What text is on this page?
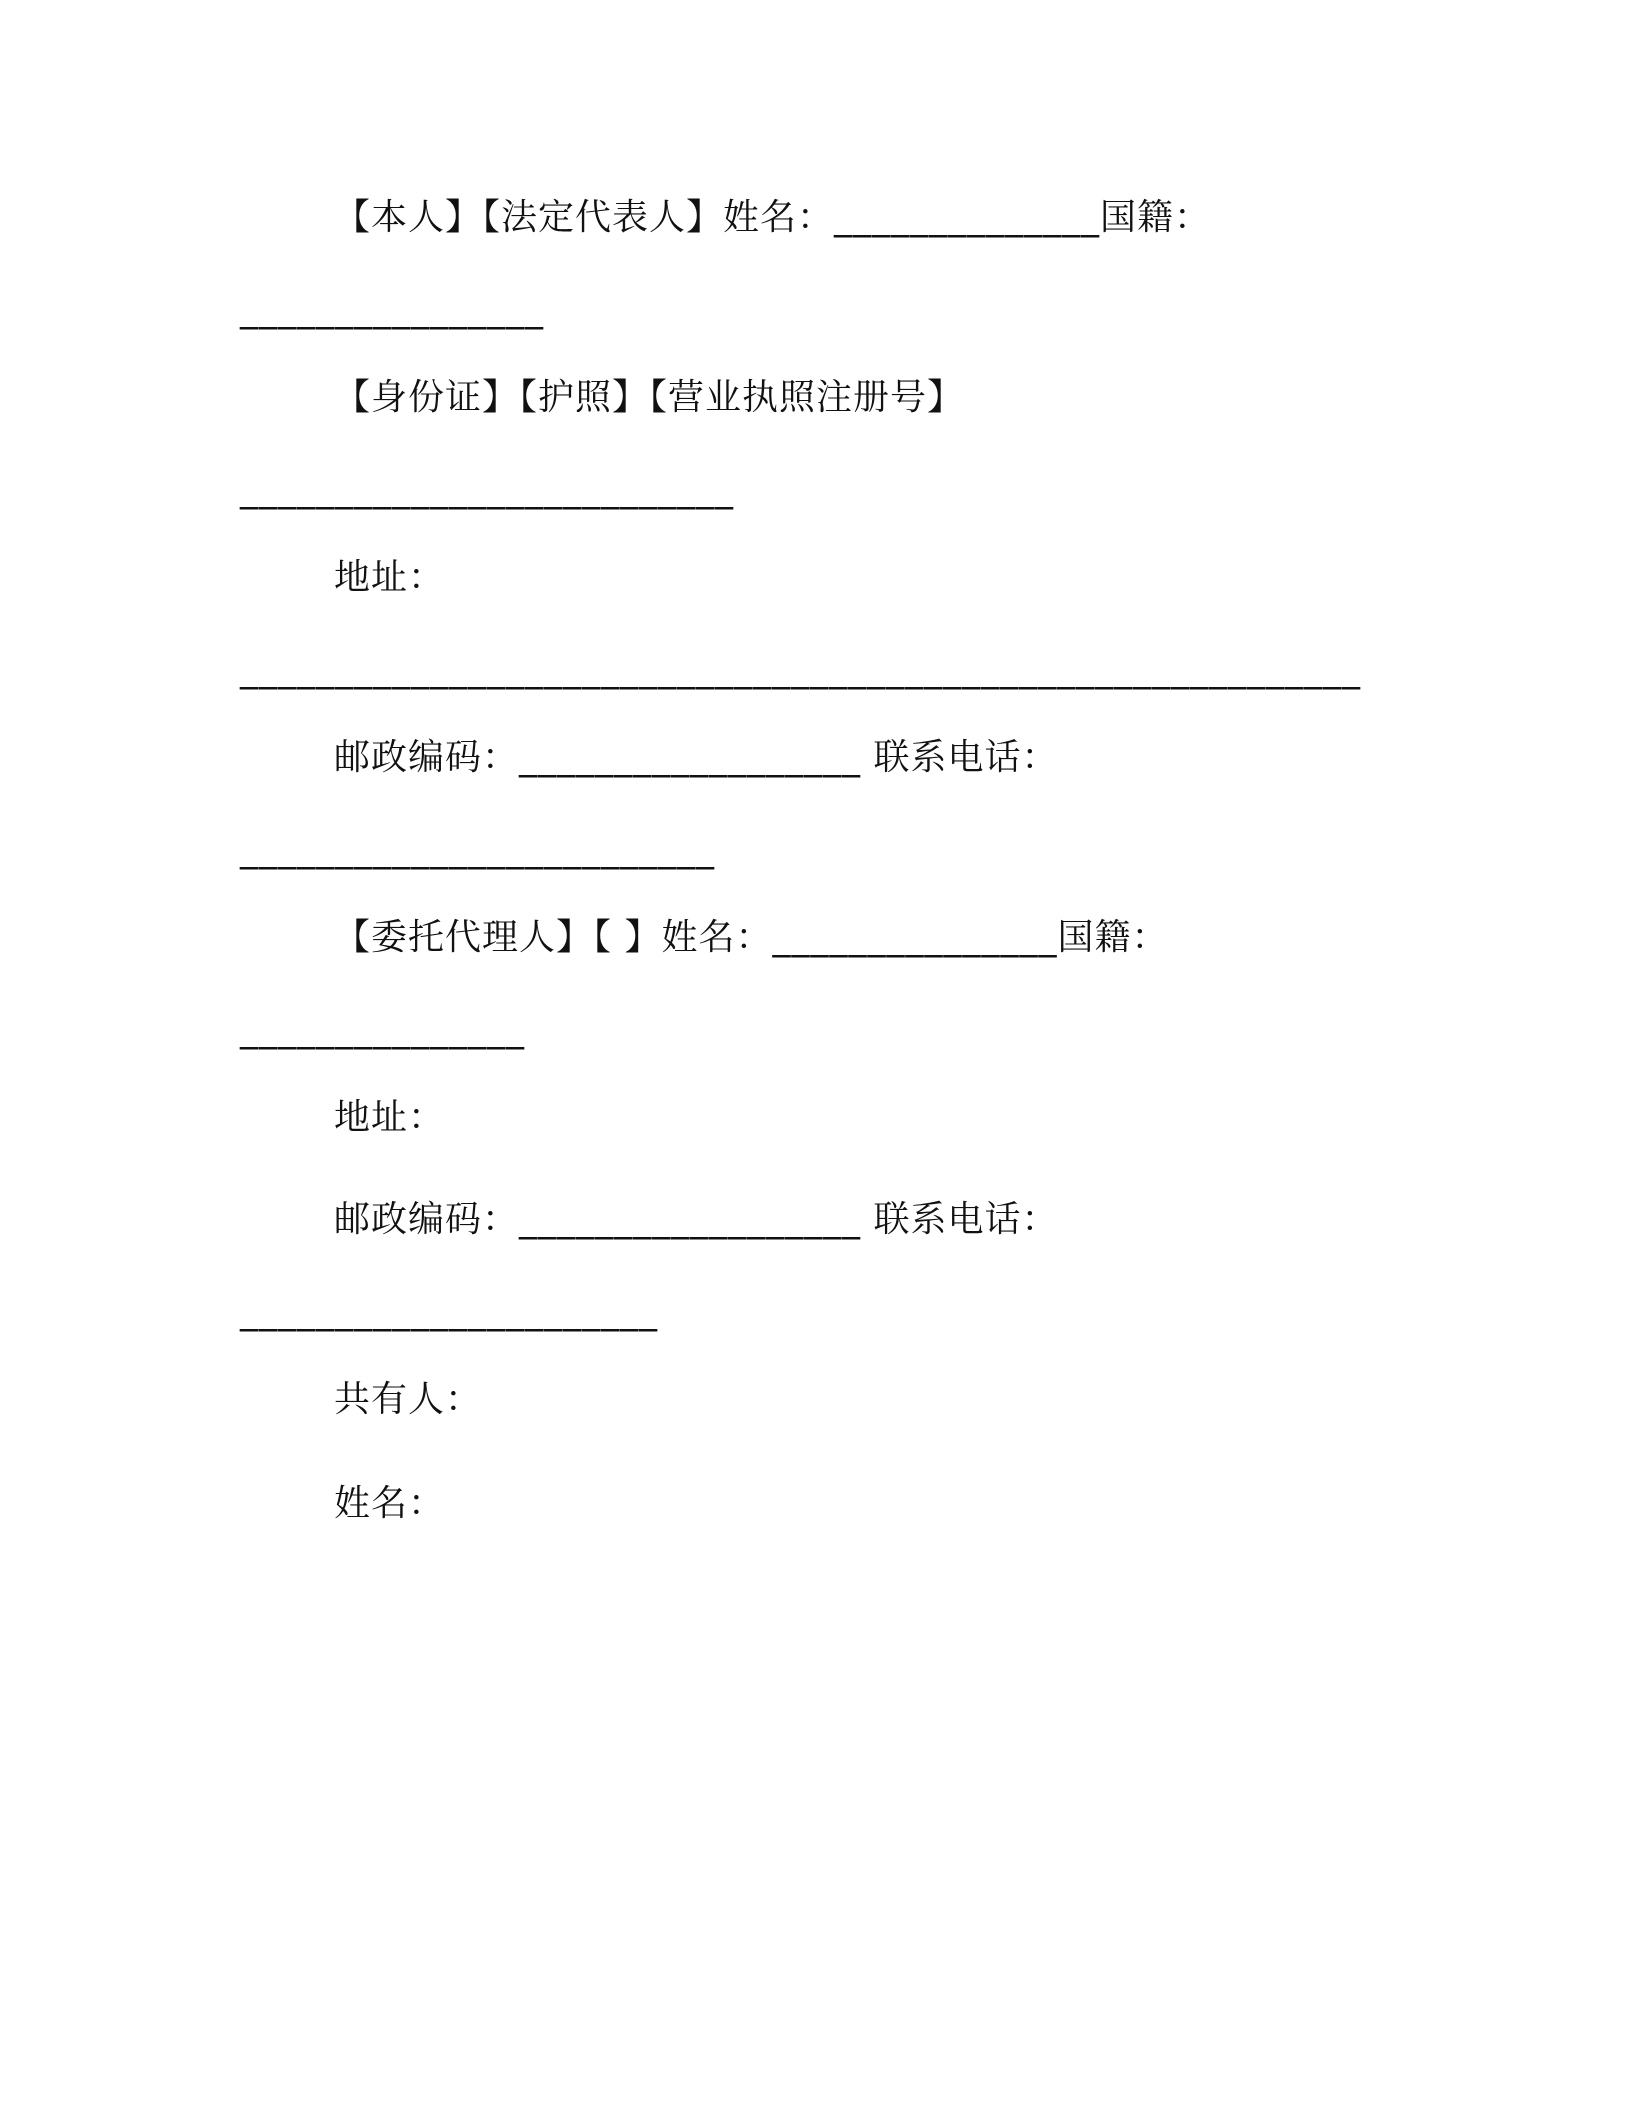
【本人】【法定代表人】姓名：______________国籍：
________________
【身份证】【护照】【营业执照注册号】
__________________________
地址：
___________________________________________________________
邮政编码：__________________ 联系电话：
_________________________
【委托代理人】【 】姓名：_______________国籍：
_______________
地址：
邮政编码：__________________ 联系电话：
______________________
共有人：
姓名：
